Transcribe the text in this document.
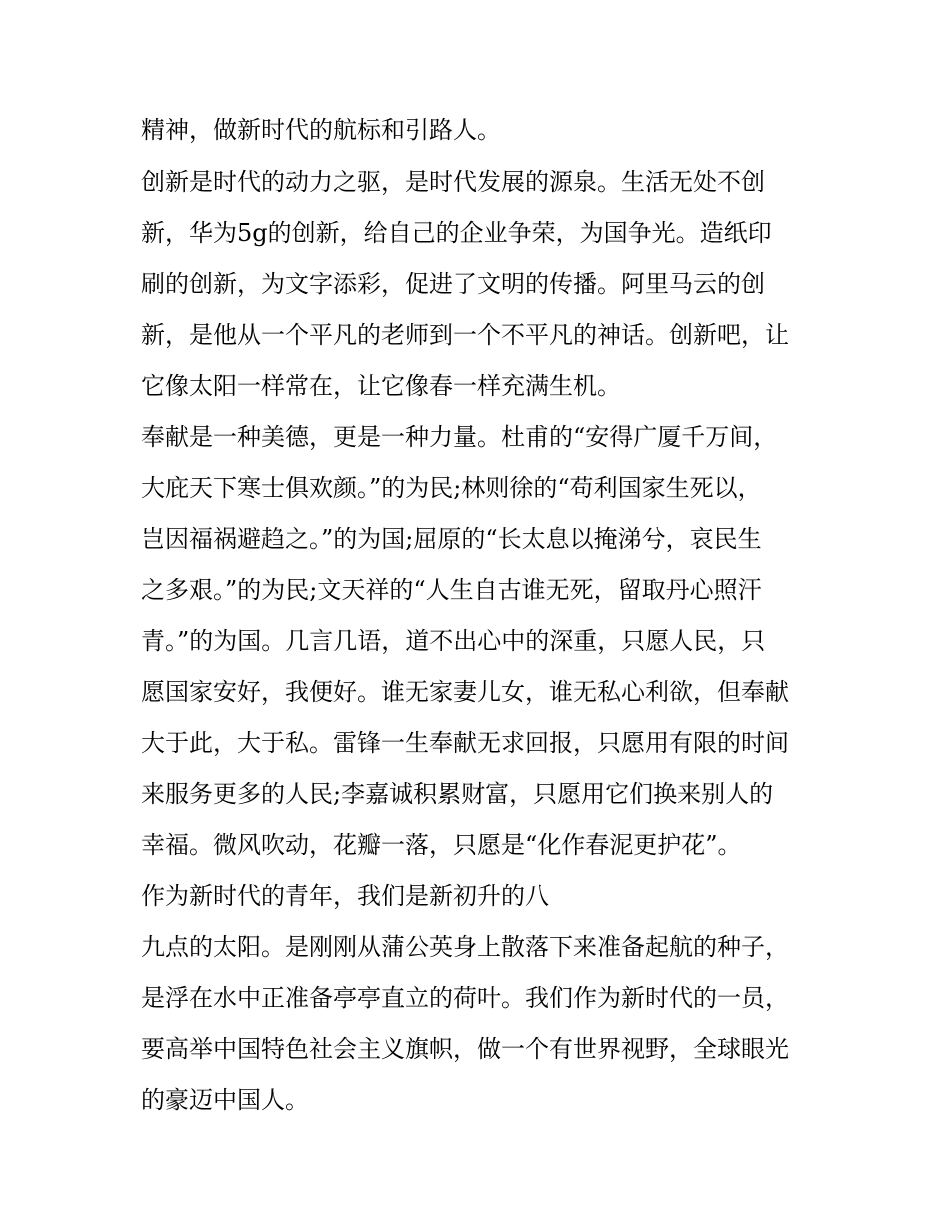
精神，做新时代的航标和引路人。
创新是时代的动力之驱，是时代发展的源泉。生活无处不创
新，华为5g的创新，给自己的企业争荣，为国争光。造纸印
刷的创新，为文字添彩，促进了文明的传播。阿里马云的创
新，是他从一个平凡的老师到一个不平凡的神话。创新吧，让
它像太阳一样常在，让它像春一样充满生机。
奉献是一种美德，更是一种力量。杜甫的“安得广厦千万间，
大庇天下寒士俱欢颜。”的为民;林则徐的“苟利国家生死以，
岂因福祸避趋之。”的为国;屈原的“长太息以掩涕兮，哀民生
之多艰。”的为民;文天祥的“人生自古谁无死，留取丹心照汗
青。”的为国。几言几语，道不出心中的深重，只愿人民，只
愿国家安好，我便好。谁无家妻儿女，谁无私心利欲，但奉献
大于此，大于私。雷锋一生奉献无求回报，只愿用有限的时间
来服务更多的人民;李嘉诚积累财富，只愿用它们换来别人的
幸福。微风吹动，花瓣一落，只愿是“化作春泥更护花”。
作为新时代的青年，我们是新初升的八
九点的太阳。是刚刚从蒲公英身上散落下来准备起航的种子，
是浮在水中正准备亭亭直立的荷叶。我们作为新时代的一员，
要高举中国特色社会主义旗帜，做一个有世界视野，全球眼光
的豪迈中国人。
